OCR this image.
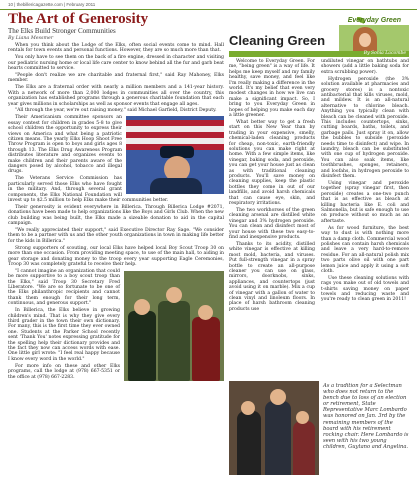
10 | thebillericagazette.com | February 2011
The Art of Generosity
The Elks Build Stronger Communities
By Liana Messmer

When you think about the Lodge of the Elks, often social events come to mind. Hall rentals for town events and personal functions. However, they are so much more than that.

You only have to see them on the back of a fire engine, dressed in character and visiting our pediatric nursing home or local life care center to know behind all the fur and garb beat hearts committed to service.

"People don't realize we are charitable and fraternal first," said Ray Mahoney, Elks member.

The Elks are a fraternal order with nearly a million members and a 141-year history. With a network of more than 2,000 lodges in communities all over the country, this organization has established programs through a generous charitable foundation that each year gives millions in scholarships as well as sponsor events that engage all ages.

"All through the year, we're out raising money," said Michael Garfield, District Deputy.

Their Americanism committee sponsors an essay contest for children in grades 5-8 to give school children the opportunity to express their views on America and what being a patriotic citizen means. The yearly Elks Hoop Shoot Free Throw Program is open to boys and girls ages 8 through 13. The Elks Drug Awareness Program distributes literature and organizes events to make children and their parents aware of the dangers posed by alcohol, tobacco and illegal drugs.

The Veterans Service Commission has particularly served those Elks who have fought in the military. And, through several grant components, the Elks National Foundation will invest up to $2.5 million to help Elks make their communities better.

Their generosity is evident everywhere in Billerica. Through Billerica Lodge #2071, donations have been made to help organizations like the Boys and Girls Club. When the new club building was being built, the Elks made a sizeable donation to aid in the capital campaign.

"We really appreciated their support," said Executive Director Ray Sage. "We consider them to be a partner with us and the other youth organizations in town in making life better for the kids in Billerica."

Strong supporters of scouting, our local Elks have helped local Boy Scout Troop 30 on more than one occasion. From providing meeting space, to use of the main hall, to aiding in gear storage and donating money to the troop every year supporting Eagle Ceremonies, Troop 30 was completely grateful to receive their help.

"I cannot imagine an organization that could be more supportive to a boy scout troop than the Elks," said Troop 30 Secretary Fred Liberatore. "We are so fortunate to be one of the Elks philanthropic recipients and cannot thank them enough for their long term, continuous, and generous support."

In Billerica, the Elks believe in growing children's mind. That is why they give every third grader in the town their own dictionary. For many, this is the first time they ever owned one. Students at the Parker School recently sent 'Thank You' notes expressing gratitude for the spelling help their dictionary provides and the fact they now can access words with ease. One little girl wrote: "I feel real happy because I know every word in the world."

For more info on these and other Elks programs, call the lodge at (978) 667-5351 or the office at (978) 667-2283.

Everyday Green
Cleaning Green
By Sonia Lacombe

Welcome to Everyday Green. For me, "being green" is a way of life. It helps me keep myself and my family healthy, save money, and feel like I'm really making a difference in the world. It's my belief that even very modest changes in how we live can make a significant impact. So, I bring to you Everyday Green in hopes of helping you make each day a little greener.

What better way to get a fresh start on this New Year than by trading in your expensive, smelly, chemical-laden cleaning products for cheap, non-toxic, earth-friendly solutions you can make right at home. With a few simple items, like vinegar, baking soda, and peroxide, you can get your house just as clean as with traditional cleaning products. You'll save money on cleaning supplies, keep the plastic bottles they come in out of our landfills, and avoid harsh chemicals that can cause eye, skin, and respiratory irritations.

The two workhorses of the green cleaning arsenal are distilled white vinegar and 3% hydrogen peroxide. You can clean and disinfect most of your house with these two easy-to-find and inexpensive products.

Thanks to its acidity, distilled white vinegar is effective at killing most mold, bacteria, and viruses. Put full-strength vinegar in a spray bottle to create an all-purpose cleaner you can use on glass, mirrors, doorknobs, sinks, appliances, and countertops (just avoid using it on marble). Mix a cup of vinegar with a gallon of water to clean vinyl and linoleum floors. In place of harsh bathroom cleaning products use

undiluted vinegar on bathtubs and showers (add a little baking soda for extra scrubbing power).

Hydrogen peroxide (the 3% solution available at pharmacies and grocery stores) is a nontoxic antibacterial that kills viruses, mold, and mildew. It is an all-natural alternative to chlorine bleach. Anything you typically clean with bleach can be cleaned with peroxide. This includes countertops, sinks, cutting boards, baths, toilets, and garbage pails. Just spray it on, allow the bubbles to subside (peroxide needs time to disinfect) and wipe. In laundry, bleach can be substituted with one cup of hydrogen peroxide. You can also soak items, like toothbrushes, sponges, retainers, and loofahs, in hydrogen peroxide to disinfect them.

Using vinegar and peroxide together (spray vinegar first, then peroxide) creates a one-two punch that is as effective as bleach at killing bacteria like E. coli and Salmonella, but is safe enough to use on produce without so much as an aftertaste.

As for wood furniture, the best way to dust is with nothing more than a damp cloth. Commercial wood polishes can contain harsh chemicals and leave a very hard-to-remove residue. For an all-natural polish mix two parts olive oil with one part lemon juice and apply it using a soft cloth.

Use these cleaning solutions with rags you make out of old towels and t-shirts saving money on paper towels and reducing waste and you're ready to clean green in 2011!

As a tradition for a Selectman who does not return to the bench due to loss of an election or retirement, State Representative Marc Lombardo was honored on Jan. 3rd by the remaining members of the board with his retirement rocking chair. Here Lombardo is seen with his two young children, Guytano and Angelina.
